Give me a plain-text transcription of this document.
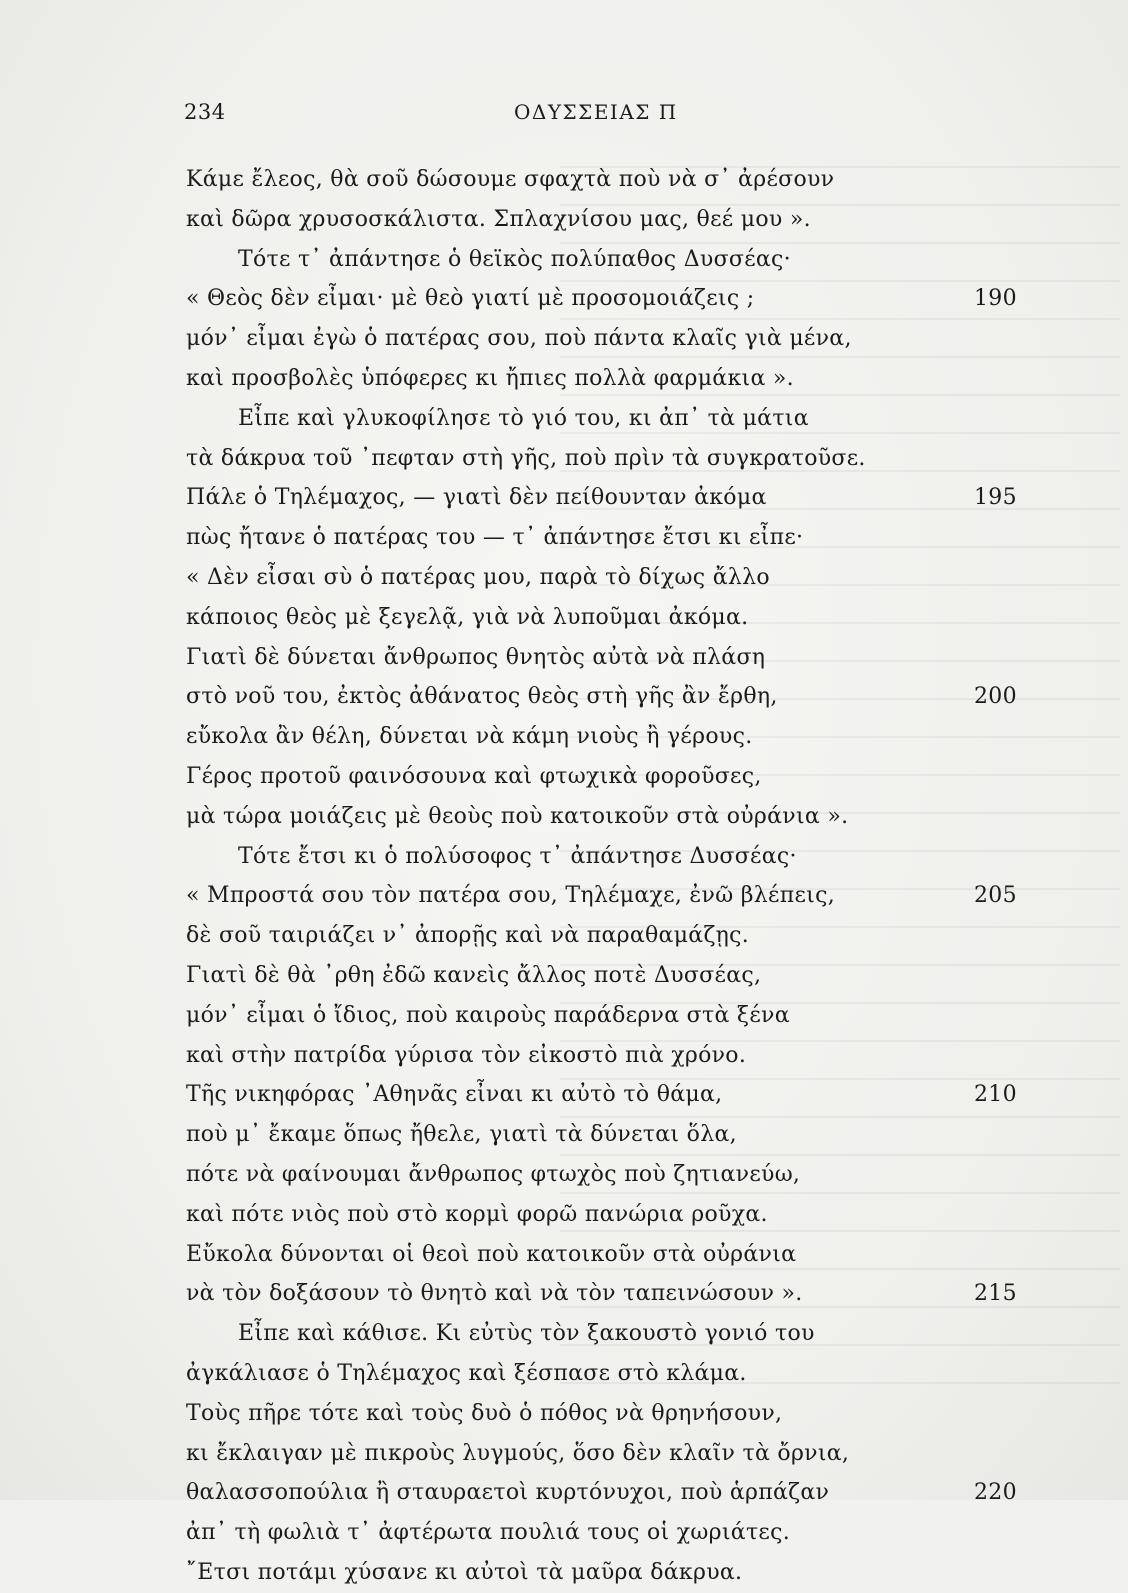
234	ΟΔΥΣΣΕΙΑΣ Π
Κάμε ἔλεος, θὰ σοῦ δώσουμε σφαχτὰ ποὺ νὰ σ᾽ ἀρέσουν
καὶ δῶρα χρυσοσκάλιστα. Σπλαχνίσου μας, θεέ μου ».
Τότε τ᾽ ἀπάντησε ὁ θεϊκὸς πολύπαθος Δυσσέας·
« Θεὸς δὲν εἶμαι· μὲ θεὸ γιατί μὲ προσομοιάζεις ;	190
μόν᾽ εἶμαι ἐγὼ ὁ πατέρας σου, ποὺ πάντα κλαῖς γιὰ μένα,
καὶ προσβολὲς ὑπόφερες κι ἤπιες πολλὰ φαρμάκια ».
Εἶπε καὶ γλυκοφίλησε τὸ γιό του, κι ἀπ᾽ τὰ μάτια
τὰ δάκρυα τοῦ ᾽πεφταν στὴ γῆς, ποὺ πρὶν τὰ συγκρατοῦσε.
Πάλε ὁ Τηλέμαχος, — γιατὶ δὲν πείθουνταν ἀκόμα	195
πὼς ἤτανε ὁ πατέρας του — τ᾽ ἀπάντησε ἔτσι κι εἶπε·
« Δὲν εἶσαι σὺ ὁ πατέρας μου, παρὰ τὸ δίχως ἄλλο
κάποιος θεὸς μὲ ξεγελᾷ, γιὰ νὰ λυποῦμαι ἀκόμα.
Γιατὶ δὲ δύνεται ἄνθρωπος θνητὸς αὐτὰ νὰ πλάση
στὸ νοῦ του, ἐκτὸς ἀθάνατος θεὸς στὴ γῆς ἂν ἔρθη,	200
εὔκολα ἂν θέλη, δύνεται νὰ κάμη νιοὺς ἢ γέρους.
Γέρος προτοῦ φαινόσουνα καὶ φτωχικὰ φοροῦσες,
μὰ τώρα μοιάζεις μὲ θεοὺς ποὺ κατοικοῦν στὰ οὐράνια ».
Τότε ἔτσι κι ὁ πολύσοφος τ᾽ ἀπάντησε Δυσσέας·
« Μπροστά σου τὸν πατέρα σου, Τηλέμαχε, ἐνῶ βλέπεις,	205
δὲ σοῦ ταιριάζει ν᾽ ἀπορῇς καὶ νὰ παραθαμάζῃς.
Γιατὶ δὲ θὰ ᾽ρθη ἐδῶ κανεὶς ἄλλος ποτὲ Δυσσέας,
μόν᾽ εἶμαι ὁ ἴδιος, ποὺ καιροὺς παράδερνα στὰ ξένα
καὶ στὴν πατρίδα γύρισα τὸν εἰκοστὸ πιὰ χρόνο.
Τῆς νικηφόρας ᾽Αθηνᾶς εἶναι κι αὐτὸ τὸ θάμα,	210
ποὺ μ᾽ ἔκαμε ὅπως ἤθελε, γιατὶ τὰ δύνεται ὅλα,
πότε νὰ φαίνουμαι ἄνθρωπος φτωχὸς ποὺ ζητιανεύω,
καὶ πότε νιὸς ποὺ στὸ κορμὶ φορῶ πανώρια ροῦχα.
Εὔκολα δύνονται οἱ θεοὶ ποὺ κατοικοῦν στὰ οὐράνια
νὰ τὸν δοξάσουν τὸ θνητὸ καὶ νὰ τὸν ταπεινώσουν ».	215
Εἶπε καὶ κάθισε. Κι εὐτὺς τὸν ξακουστὸ γονιό του
ἀγκάλιασε ὁ Τηλέμαχος καὶ ξέσπασε στὸ κλάμα.
Τοὺς πῆρε τότε καὶ τοὺς δυὸ ὁ πόθος νὰ θρηνήσουν,
κι ἔκλαιγαν μὲ πικροὺς λυγμούς, ὅσο δὲν κλαῖν τὰ ὄρνια,
θαλασσοπούλια ἢ σταυραετοὶ κυρτόνυχοι, ποὺ ἁρπάζαν	220
ἀπ᾽ τὴ φωλιὰ τ᾽ ἀφτέρωτα πουλιά τους οἱ χωριάτες.
῎Ετσι ποτάμι χύσανε κι αὐτοὶ τὰ μαῦρα δάκρυα.
